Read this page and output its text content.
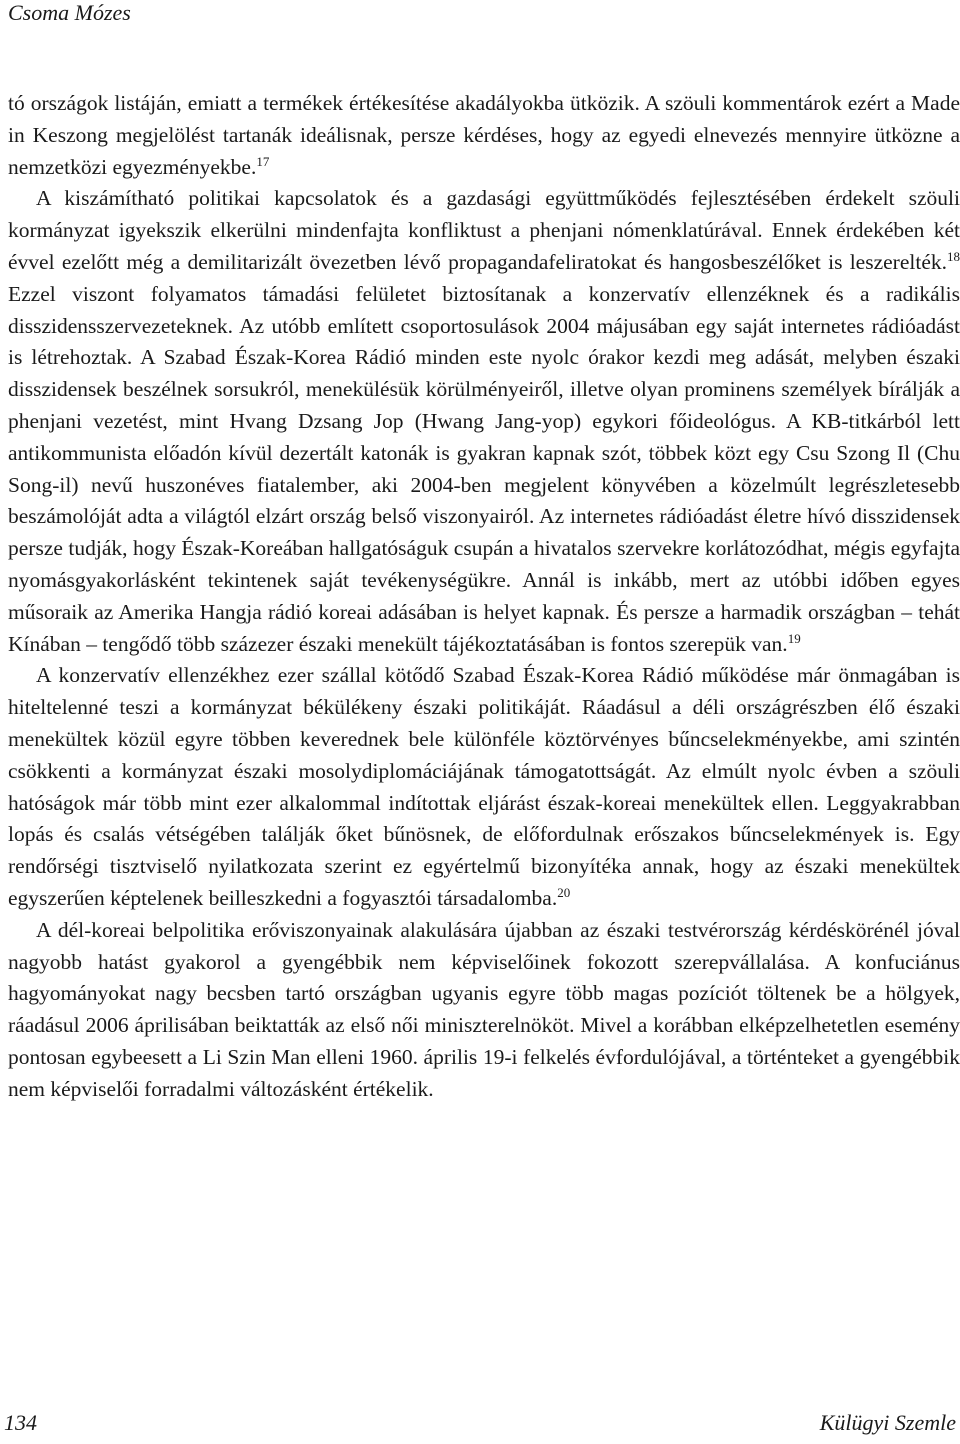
Csoma Mózes

tó országok listáján, emiatt a termékek értékesítése akadályokba ütközik. A szöuli kommentárok ezért a Made in Keszong megjelölést tartanák ideálisnak, persze kérdéses, hogy az egyedi elnevezés mennyire ütközne a nemzetközi egyezményekbe.$^{17}$

A kiszámítható politikai kapcsolatok és a gazdasági együttműködés fejlesztésében érdekelt szöuli kormányzat igyekszik elkerülni mindenfajta konfliktust a phenjani nómenklatúrával. Ennek érdekében két évvel ezelőtt még a demilitarizált övezetben lévő propagandafeliratokat és hangosbeszélőket is leszerelték.$^{18}$ Ezzel viszont folyamatos támadási felületet biztosítanak a konzervatív ellenzéknek és a radikális disszidensszervezeteknek. Az utóbb említett csoportosulások 2004 májusában egy saját internetes rádióadást is létrehoztak. A Szabad Észak-Korea Rádió minden este nyolc órakor kezdi meg adását, melyben északi disszidensek beszélnek sorsukról, menekülésük körülményeiről, illetve olyan prominens személyek bírálják a phenjani vezetést, mint Hvang Dzsang Jop (Hwang Jang-yop) egykori főideológus. A KB-titkárból lett antikommunista előadón kívül dezertált katonák is gyakran kapnak szót, többek közt egy Csu Szong Il (Chu Song-il) nevű huszonéves fiatalember, aki 2004-ben megjelent könyvében a közelmúlt legrészletesebb beszámolóját adta a világtól elzárt ország belső viszonyairól. Az internetes rádióadást életre hívó disszidensek persze tudják, hogy Észak-Koreában hallgatóságuk csupán a hivatalos szervekre korlátozódhat, mégis egyfajta nyomásgyakorlásként tekintenek saját tevékenységükre. Annál is inkább, mert az utóbbi időben egyes műsoraik az Amerika Hangja rádió koreai adásában is helyet kapnak. És persze a harmadik országban – tehát Kínában – tengődő több százezer északi menekült tájékoztatásában is fontos szerepük van.$^{19}$

A konzervatív ellenzékhez ezer szállal kötődő Szabad Észak-Korea Rádió működése már önmagában is hiteltelenné teszi a kormányzat békülékeny északi politikáját. Ráadásul a déli országrészben élő északi menekültek közül egyre többen keverednek bele különféle köztörvényes bűncselekményekbe, ami szintén csökkenti a kormányzat északi mosolydiplomáciájának támogatottságát. Az elmúlt nyolc évben a szöuli hatóságok már több mint ezer alkalommal indítottak eljárást észak-koreai menekültek ellen. Leggyakrabban lopás és csalás vétségében találják őket bűnösnek, de előfordulnak erőszakos bűncselekmények is. Egy rendőrségi tisztviselő nyilatkozata szerint ez egyértelmű bizonyítéka annak, hogy az északi menekültek egyszerűen képtelenek beilleszkedni a fogyasztói társadalomba.$^{20}$

A dél-koreai belpolitika erőviszonyainak alakulására újabban az északi testvérország kérdéskörénél jóval nagyobb hatást gyakorol a gyengébbik nem képviselőinek fokozott szerepvállalása. A konfuciánus hagyományokat nagy becsben tartó országban ugyanis egyre több magas pozíciót töltenek be a hölgyek, ráadásul 2006 áprilisában beiktatták az első női miniszterelnököt. Mivel a korábban elképzelhetetlen esemény pontosan egybeesett a Li Szin Man elleni 1960. április 19-i felkelés évfordulójával, a történteket a gyengébbik nem képviselői forradalmi változásként értékelik.

134	Külügyi Szemle
